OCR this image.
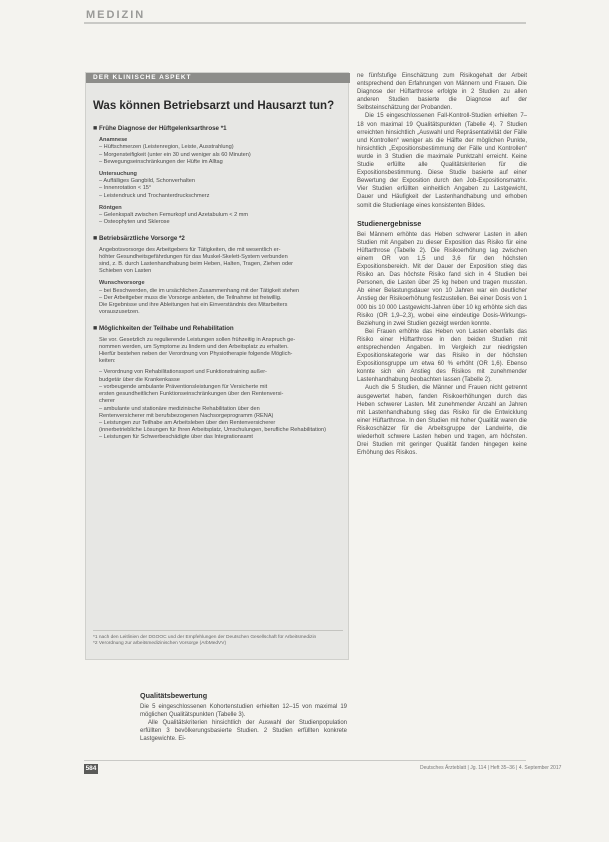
MEDIZIN
DER KLINISCHE ASPEKT
Was können Betriebsarzt und Hausarzt tun?
■ Frühe Diagnose der Hüftgelenksarthrose *1
Anamnese
– Hüftschmerzen (Leistenregion, Leiste, Ausstrahlung)
– Morgensteifigkeit (unter ein 30 und weniger als 60 Minuten)
– Bewegungseinschränkungen der Hüfte im Alltag
Untersuchung
– Auffälliges Gangbild, Schonverhalten
– Innenrotation < 15°
– Leistendruck und Trochanterdruckschmerz
Röntgen
– Gelenkspalt zwischen Femurkopf und Azetabulum < 2 mm
– Osteophyten und Sklerose
■ Betriebsärztliche Vorsorge *2
Angebotsvorsorge des Arbeitgebers für Tätigkeiten, die mit wesentlich er-
höhter Gesundheitsgefährdungen für das Muskel-Skelett-System verbunden
sind, z. B. durch Lastenhandhabung beim Heben, Halten, Tragen, Ziehen oder
Schieben von Lasten
Wunschvorsorge
– bei Beschwerden, die im ursächlichen Zusammenhang mit der Tätigkeit stehen
– Der Arbeitgeber muss die Vorsorge anbieten, die Teilnahme ist freiwillig.
Die Ergebnisse und ihre Ableitungen hat ein Einverständnis des Mitarbeiters
vorauszusetzen.
■ Möglichkeiten der Teilhabe und Rehabilitation
Sie vor. Gesetzlich zu regulierende Leistungen sollen frühzeitig in Anspruch ge-
nommen werden, um Symptome zu lindern und den Arbeitsplatz zu erhalten.
Hierfür bestehen neben der Verordnung von Physiotherapie folgende Möglich-
keiten:
– Verordnung von Rehabilitationssport und Funktionstraining außer-
budgetär über die Krankenkasse
– vorbeugende ambulante Präventionsleistungen für Versicherte mit
ersten gesundheitlichen Funktionseinschränkungen über den Rentenversi-
cherer
– ambulante und stationäre medizinische Rehabilitation über den
Rentenversicherer mit berufsbezogenen Nachsorgeprogramm (RENA)
– Leistungen zur Teilhabe am Arbeitsleben über den Rentenversicherer
(innerbetriebliche Lösungen für Ihren Arbeitsplatz, Umschulungen, berufliche Rehabilitation)
– Leistungen für Schwerbeschädigte über das Integrationsamt
*1 nach den Leitlinien der DGOOC und der Empfehlungen der Deutschen Gesellschaft für Arbeitsmedizin
*2 Verordnung zur arbeitsmedizinischen Vorsorge (ArbMedVV)

ne fünfstufige Einschätzung zum Risikogehalt der Arbeit entsprechend den Erfahrungen von Männern und Frauen. Die Diagnose der Hüftarthrose erfolgte in 2 Studien zu allen anderen Studien basierte die Diagnose auf der Selbsteinschätzung der Probanden.

Die 15 eingeschlossenen Fall-Kontroll-Studien erhielten 7–18 von maximal 19 Qualitätspunkten (Tabelle 4). 7 Studien erreichten hinsichtlich „Auswahl und Repräsentativität der Fälle und Kontrollen“ weniger als die Hälfte der möglichen Punkte, hinsichtlich „Expositionsbestimmung der Fälle und Kontrollen“ wurde in 3 Studien die maximale Punktzahl erreicht. Keine Studie erfüllte alle Qualitätskriterien für die Expositionsbestimmung. Diese Studie basierte auf einer Bewertung der Exposition durch den Job-Expositionsmatrix. Vier Studien erfüllten einheitlich Angaben zu Lastgewicht, Dauer und Häufigkeit der Lastenhandhabung und erhoben somit die Studienlage eines konsistenten Bildes.

Studienergebnisse

Bei Männern erhöhte das Heben schwerer Lasten in allen Studien mit Angaben zu dieser Exposition das Risiko für eine Hüftarthrose (Tabelle 2). Die Risikoerhöhung lag zwischen einem OR von 1,5 und 3,6 für den höchsten Expositionsbereich. Mit der Dauer der Exposition stieg das Risiko an. Das höchste Risiko fand sich in 4 Studien bei Personen, die Lasten über 25 kg heben und tragen mussten. Ab einer Belastungsdauer von 10 Jahren war ein deutlicher Anstieg der Risikoerhöhung festzustellen. Bei einer Dosis von 1 000 bis 10 000 Lastgewicht-Jahren über 10 kg erhöhte sich das Risiko (OR 1,9–2,3), wobei eine eindeutige Dosis-Wirkungs-Beziehung in zwei Studien gezeigt werden konnte.

Bei Frauen erhöhte das Heben von Lasten ebenfalls das Risiko einer Hüftarthrose in den beiden Studien mit entsprechenden Angaben. Im Vergleich zur niedrigsten Expositionskategorie war das Risiko in der höchsten Expositionsgruppe um etwa 60 % erhöht (OR 1,6). Ebenso konnte sich ein Anstieg des Risikos mit zunehmender Lastenhandhabung beobachten lassen (Tabelle 2).

Auch die 5 Studien, die Männer und Frauen nicht getrennt ausgewertet haben, fanden Risikoerhöhungen durch das Heben schwerer Lasten. Mit zunehmender Anzahl an Jahren mit Lastenhandhabung stieg das Risiko für die Entwicklung einer Hüftarthrose. In den Studien mit hoher Qualität waren die Risikoschätzer für die Arbeitsgruppe der Landwirte, die wiederholt schwere Lasten heben und tragen, am höchsten. Drei Studien mit geringer Qualität fanden hingegen keine Erhöhung des Risikos.

Qualitätsbewertung

Die 5 eingeschlossenen Kohortenstudien erhielten 12–15 von maximal 19 möglichen Qualitätspunkten (Tabelle 3).

Alle Qualitätskriterien hinsichtlich der Auswahl der Studienpopulation erfüllten 3 bevölkerungsbasierte Studien. 2 Studien erfüllten konkrete Lastgewichte. Ei-

584	Deutsches Ärzteblatt | Jg. 114 | Heft 35–36 | 4. September 2017
